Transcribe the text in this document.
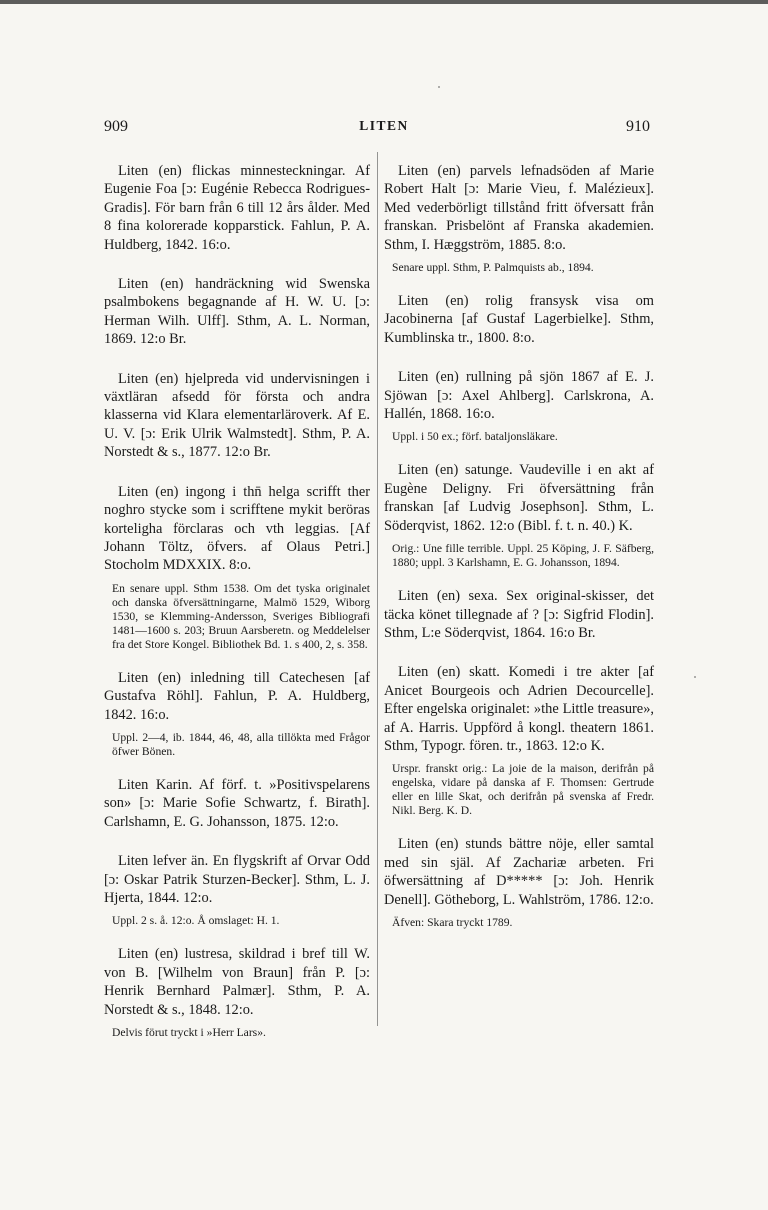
909	LITEN	910

Liten (en) flickas minnesteckningar. Af Eugenie Foa [ɔ: Eugénie Rebecca Rodrigues-Gradis]. För barn från 6 till 12 års ålder. Med 8 fina kolorerade kopparstick. Fahlun, P. A. Huldberg, 1842. 16:o.

Liten (en) handräckning wid Swenska psalmbokens begagnande af H. W. U. [ɔ: Herman Wilh. Ulff]. Sthm, A. L. Norman, 1869. 12:o Br.

Liten (en) hjelpreda vid undervisningen i växtläran afsedd för första och andra klasserna vid Klara elementarläroverk. Af E. U. V. [ɔ: Erik Ulrik Walmstedt]. Sthm, P. A. Norstedt & s., 1877. 12:o Br.

Liten (en) ingong i thn̄ helga scrifft ther noghro stycke som i scrifftene mykit beröras korteligha förclaras och vth leggias. [Af Johann Töltz, öfvers. af Olaus Petri.] Stocholm MDXXIX. 8:o.

En senare uppl. Sthm 1538. Om det tyska originalet och danska öfversättningarne, Malmö 1529, Wiborg 1530, se Klemming-Andersson, Sveriges Bibliografi 1481—1600 s. 203; Bruun Aarsberetn. og Meddelelser fra det Store Kongel. Bibliothek Bd. 1. s 400, 2, s. 358.

Liten (en) inledning till Catechesen [af Gustafva Röhl]. Fahlun, P. A. Huldberg, 1842. 16:o.

Uppl. 2—4, ib. 1844, 46, 48, alla tillökta med Frågor öfwer Bönen.

Liten Karin. Af förf. t. »Positivspelarens son» [ɔ: Marie Sofie Schwartz, f. Birath]. Carlshamn, E. G. Johansson, 1875. 12:o.

Liten lefver än. En flygskrift af Orvar Odd [ɔ: Oskar Patrik Sturzen-Becker]. Sthm, L. J. Hjerta, 1844. 12:o.

Uppl. 2 s. å. 12:o. Å omslaget: H. 1.

Liten (en) lustresa, skildrad i bref till W. von B. [Wilhelm von Braun] från P. [ɔ: Henrik Bernhard Palmær]. Sthm, P. A. Norstedt & s., 1848. 12:o.

Delvis förut tryckt i »Herr Lars».

Liten (en) parvels lefnadsöden af Marie Robert Halt [ɔ: Marie Vieu, f. Malézieux]. Med vederbörligt tillstånd fritt öfversatt från franskan. Prisbelönt af Franska akademien. Sthm, I. Hæggström, 1885. 8:o.

Senare uppl. Sthm, P. Palmquists ab., 1894.

Liten (en) rolig fransysk visa om Jacobinerna [af Gustaf Lagerbielke]. Sthm, Kumblinska tr., 1800. 8:o.

Liten (en) rullning på sjön 1867 af E. J. Sjöwan [ɔ: Axel Ahlberg]. Carlskrona, A. Hallén, 1868. 16:o.

Uppl. i 50 ex.; förf. bataljonsläkare.

Liten (en) satunge. Vaudeville i en akt af Eugène Deligny. Fri öfversättning från franskan [af Ludvig Josephson]. Sthm, L. Söderqvist, 1862. 12:o (Bibl. f. t. n. 40.) K.

Orig.: Une fille terrible. Uppl. 25 Köping, J. F. Säfberg, 1880; uppl. 3 Karlshamn, E. G. Johansson, 1894.

Liten (en) sexa. Sex original-skisser, det täcka könet tillegnade af ? [ɔ: Sigfrid Flodin]. Sthm, L:e Söderqvist, 1864. 16:o Br.

Liten (en) skatt. Komedi i tre akter [af Anicet Bourgeois och Adrien Decourcelle]. Efter engelska originalet: »the Little treasure», af A. Harris. Uppförd å kongl. theatern 1861. Sthm, Typogr. fören. tr., 1863. 12:o K.

Urspr. franskt orig.: La joie de la maison, derifrån på engelska, vidare på danska af F. Thomsen: Gertrude eller en lille Skat, och derifrån på svenska af Fredr. Nikl. Berg. K. D.

Liten (en) stunds bättre nöje, eller samtal med sin själ. Af Zachariæ arbeten. Fri öfwersättning af D***** [ɔ: Joh. Henrik Denell]. Götheborg, L. Wahlström, 1786. 12:o.

Äfven: Skara tryckt 1789.
